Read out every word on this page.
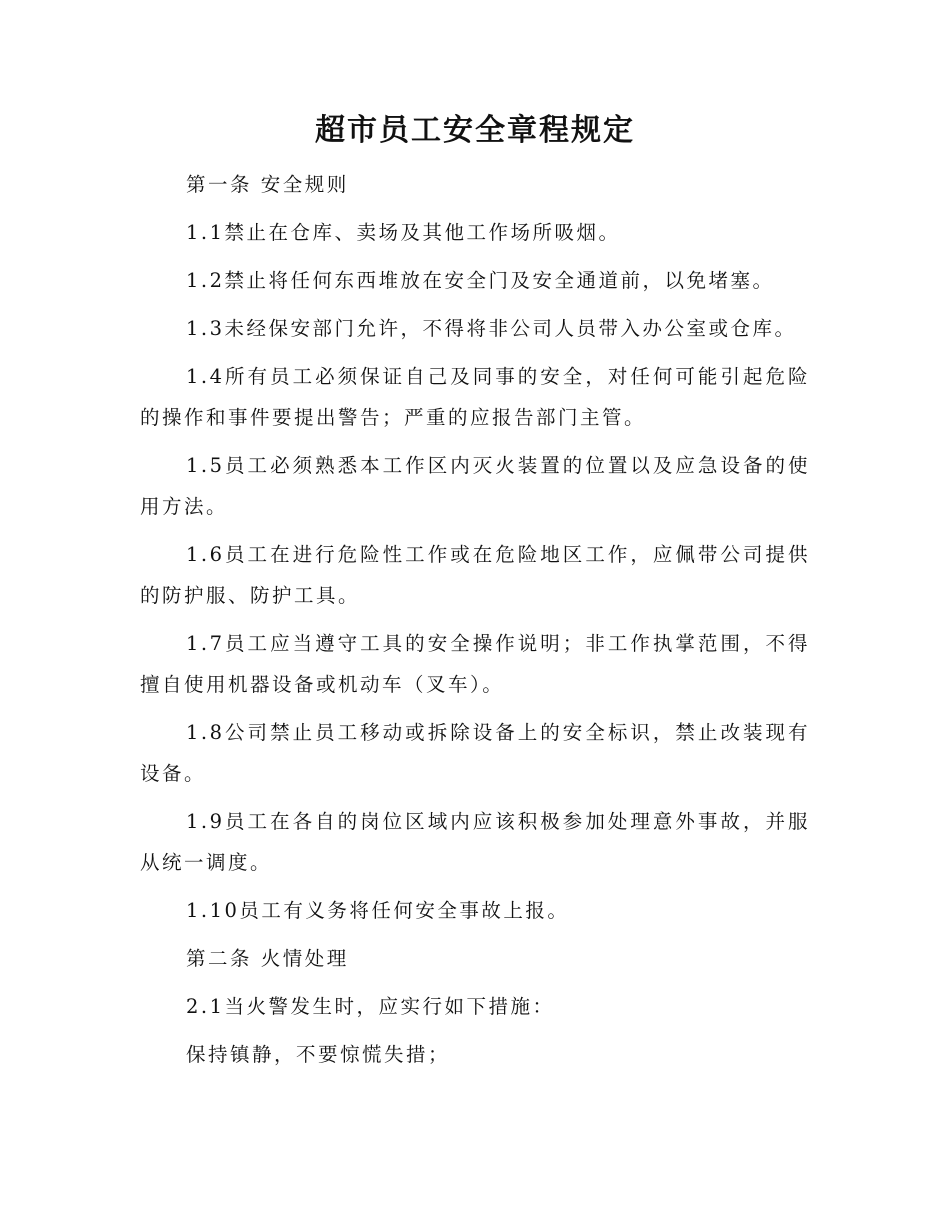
超市员工安全章程规定

第一条 安全规则

1.1禁止在仓库、卖场及其他工作场所吸烟。

1.2禁止将任何东西堆放在安全门及安全通道前，以免堵塞。

1.3未经保安部门允许，不得将非公司人员带入办公室或仓库。

1.4所有员工必须保证自己及同事的安全，对任何可能引起危险的操作和事件要提出警告；严重的应报告部门主管。

1.5员工必须熟悉本工作区内灭火装置的位置以及应急设备的使用方法。

1.6员工在进行危险性工作或在危险地区工作，应佩带公司提供的防护服、防护工具。

1.7员工应当遵守工具的安全操作说明；非工作执掌范围，不得擅自使用机器设备或机动车（叉车）。

1.8公司禁止员工移动或拆除设备上的安全标识，禁止改装现有设备。

1.9员工在各自的岗位区域内应该积极参加处理意外事故，并服从统一调度。

1.10员工有义务将任何安全事故上报。

第二条 火情处理

2.1当火警发生时，应实行如下措施：

保持镇静，不要惊慌失措；
